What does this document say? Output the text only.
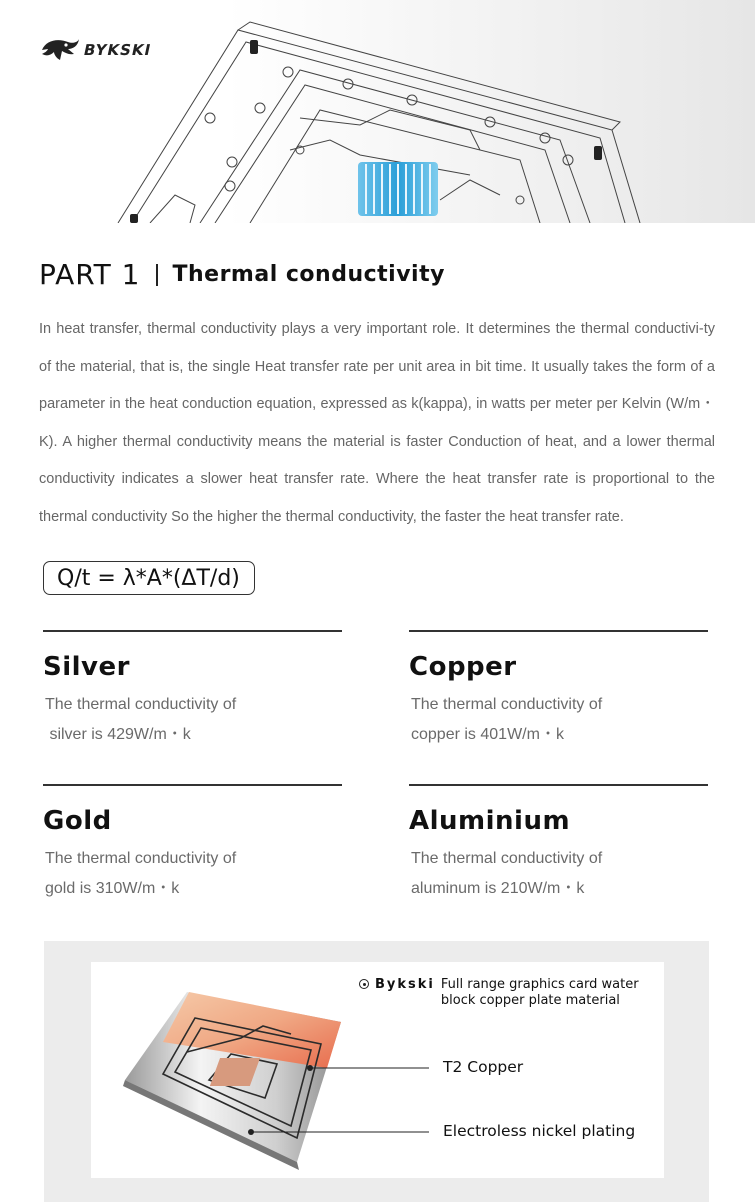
BYKSKI
PART 1 Thermal conductivity
In heat transfer, thermal conductivity plays a very important role. It determines the thermal conductivi-ty of the material, that is, the single Heat transfer rate per unit area in bit time. It usually takes the form of a parameter in the heat conduction equation, expressed as k(kappa), in watts per meter per Kelvin (W/m・K). A higher thermal conductivity means the material is faster Conduction of heat, and a lower thermal conductivity indicates a slower heat transfer rate. Where the heat transfer rate is proportional to the thermal conductivity So the higher the thermal conductivity, the faster the heat transfer rate.
Q/t = λ*A*(ΔT/d)
Silver
The thermal conductivity of
silver is 429W/m・k
Copper
The thermal conductivity of
copper is 401W/m・k
Gold
The thermal conductivity of
gold is 310W/m・k
Aluminium
The thermal conductivity of
aluminum is 210W/m・k
Bykski Full range graphics card water block copper plate material
T2 Copper
Electroless nickel plating
